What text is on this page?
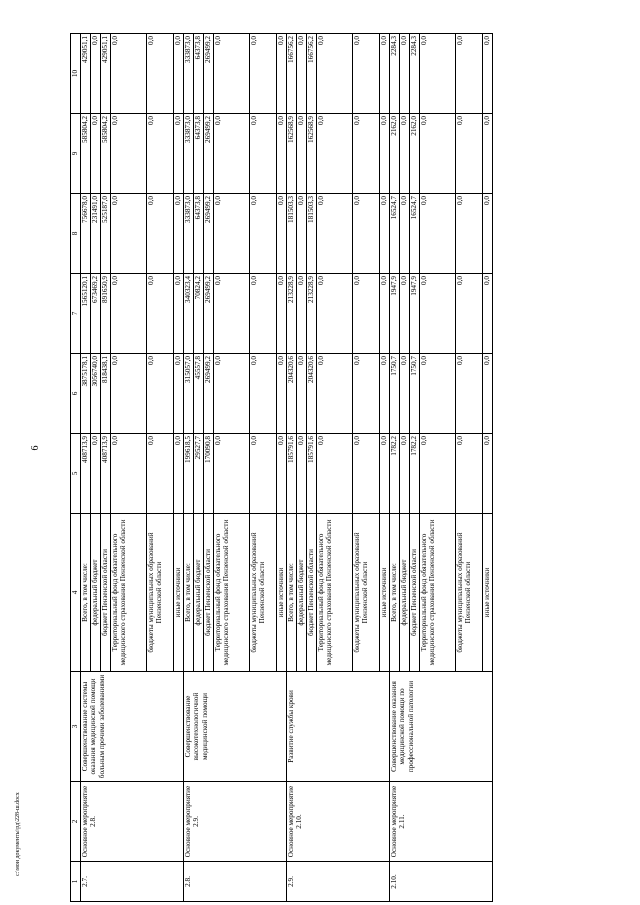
6
c:\мои документы\рд\228-ш.docx
1	2	3	4	5	6	7	8	9	10
2.7.	Основное мероприятие 2.8.	Совершенствование системы оказания медицинской помощи больным прочими заболеваниями	Всего, в том числе:	408713,9	3875178,1	1565120,1	756678,0	585804,2	429051,1
			федеральный бюджет	0,0	3056740,0	673469,2	231491,0	0,0	0,0
			бюджет Пензенской области	408713,9	818438,1	891650,9	525187,0	585804,2	429051,1
			Территориальный фонд обязательного медицинского страхования Пензенской области	0,0	0,0	0,0	0,0	0,0	0,0
			бюджеты муниципальных образований Пензенской области	0,0	0,0	0,0	0,0	0,0	0,0
			иные источники	0,0	0,0	0,0	0,0	0,0	0,0
2.8.	Основное мероприятие 2.9.	Совершенствование высокотехнологичной медицинской помощи	Всего, в том числе:	199618,5	315057,0	340323,4	333873,0	333873,0	333873,0
			федеральный бюджет	29527,7	45557,8	70824,2	64373,8	64373,8	64373,8
			бюджет Пензенской области	170090,8	269499,2	269499,2	269499,2	269499,2	269499,2
			Территориальный фонд обязательного медицинского страхования Пензенской области	0,0	0,0	0,0	0,0	0,0	0,0
			бюджеты муниципальных образований Пензенской области	0,0	0,0	0,0	0,0	0,0	0,0
			иные источники	0,0	0,0	0,0	0,0	0,0	0,0
2.9.	Основное мероприятие 2.10.	Развитие службы крови	Всего, в том числе:	185791,6	204320,6	213228,9	181503,3	162568,9	166756,2
			федеральный бюджет	0,0	0,0	0,0	0,0	0,0	0,0
			бюджет Пензенской области	185791,6	204320,6	213228,9	181503,3	162568,9	166756,2
			Территориальный фонд обязательного медицинского страхования Пензенской области	0,0	0,0	0,0	0,0	0,0	0,0
			бюджеты муниципальных образований Пензенской области	0,0	0,0	0,0	0,0	0,0	0,0
			иные источники	0,0	0,0	0,0	0,0	0,0	0,0
2.10.	Основное мероприятие 2.11.	Совершенствование оказания медицинской помощи по профессиональной патологии	Всего, в том числе:	1782,2	1750,7	1947,9	16524,7	2162,0	2284,3
			федеральный бюджет	0,0	0,0	0,0	0,0	0,0	0,0
			бюджет Пензенской области	1782,2	1750,7	1947,9	16524,7	2162,0	2284,3
			Территориальный фонд обязательного медицинского страхования Пензенской области	0,0	0,0	0,0	0,0	0,0	0,0
			бюджеты муниципальных образований Пензенской области	0,0	0,0	0,0	0,0	0,0	0,0
			иные источники	0,0	0,0	0,0	0,0	0,0	0,0
